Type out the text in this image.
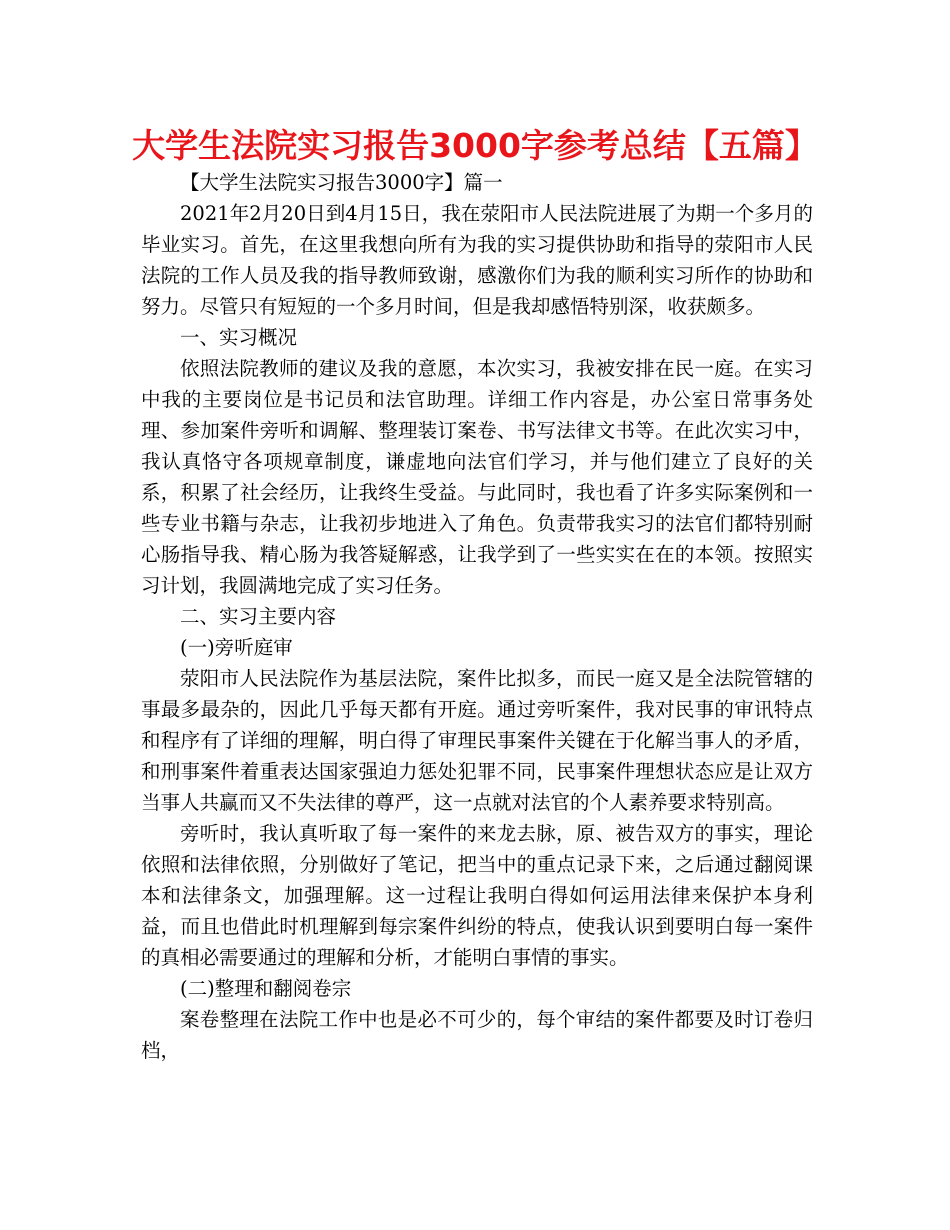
大学生法院实习报告3000字参考总结【五篇】

【大学生法院实习报告3000字】篇一

2021年2月20日到4月15日，我在荥阳市人民法院进展了为期一个多月的毕业实习。首先，在这里我想向所有为我的实习提供协助和指导的荥阳市人民法院的工作人员及我的指导教师致谢，感激你们为我的顺利实习所作的协助和努力。尽管只有短短的一个多月时间，但是我却感悟特别深，收获颇多。

一、实习概况

依照法院教师的建议及我的意愿，本次实习，我被安排在民一庭。在实习中我的主要岗位是书记员和法官助理。详细工作内容是，办公室日常事务处理、参加案件旁听和调解、整理装订案卷、书写法律文书等。在此次实习中，我认真恪守各项规章制度，谦虚地向法官们学习，并与他们建立了良好的关系，积累了社会经历，让我终生受益。与此同时，我也看了许多实际案例和一些专业书籍与杂志，让我初步地进入了角色。负责带我实习的法官们都特别耐心肠指导我、精心肠为我答疑解惑，让我学到了一些实实在在的本领。按照实习计划，我圆满地完成了实习任务。

二、实习主要内容

(一)旁听庭审

荥阳市人民法院作为基层法院，案件比拟多，而民一庭又是全法院管辖的事最多最杂的，因此几乎每天都有开庭。通过旁听案件，我对民事的审讯特点和程序有了详细的理解，明白得了审理民事案件关键在于化解当事人的矛盾，和刑事案件着重表达国家强迫力惩处犯罪不同，民事案件理想状态应是让双方当事人共赢而又不失法律的尊严，这一点就对法官的个人素养要求特别高。

旁听时，我认真听取了每一案件的来龙去脉，原、被告双方的事实，理论依照和法律依照，分别做好了笔记，把当中的重点记录下来，之后通过翻阅课本和法律条文，加强理解。这一过程让我明白得如何运用法律来保护本身利益，而且也借此时机理解到每宗案件纠纷的特点，使我认识到要明白每一案件的真相必需要通过的理解和分析，才能明白事情的事实。

(二)整理和翻阅卷宗

案卷整理在法院工作中也是必不可少的，每个审结的案件都要及时订卷归档，
